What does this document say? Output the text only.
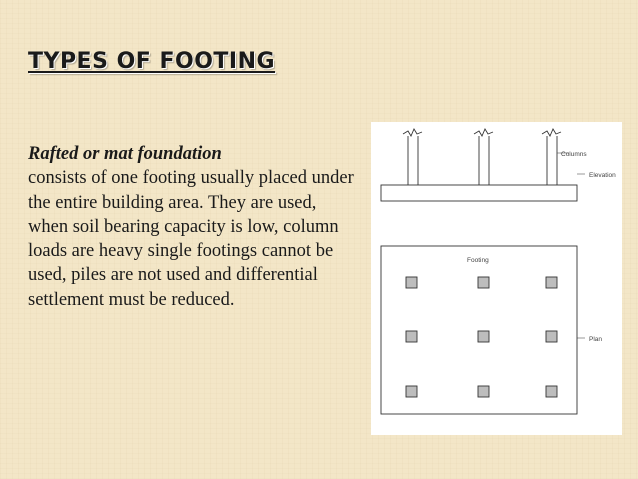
TYPES OF FOOTING
Rafted or mat foundation
consists of one footing usually placed under the entire building area. They are used, when soil bearing capacity is low, column loads are heavy single footings cannot be used, piles are not used and differential settlement must be reduced.
Columns
Elevation
Footing
Plan
